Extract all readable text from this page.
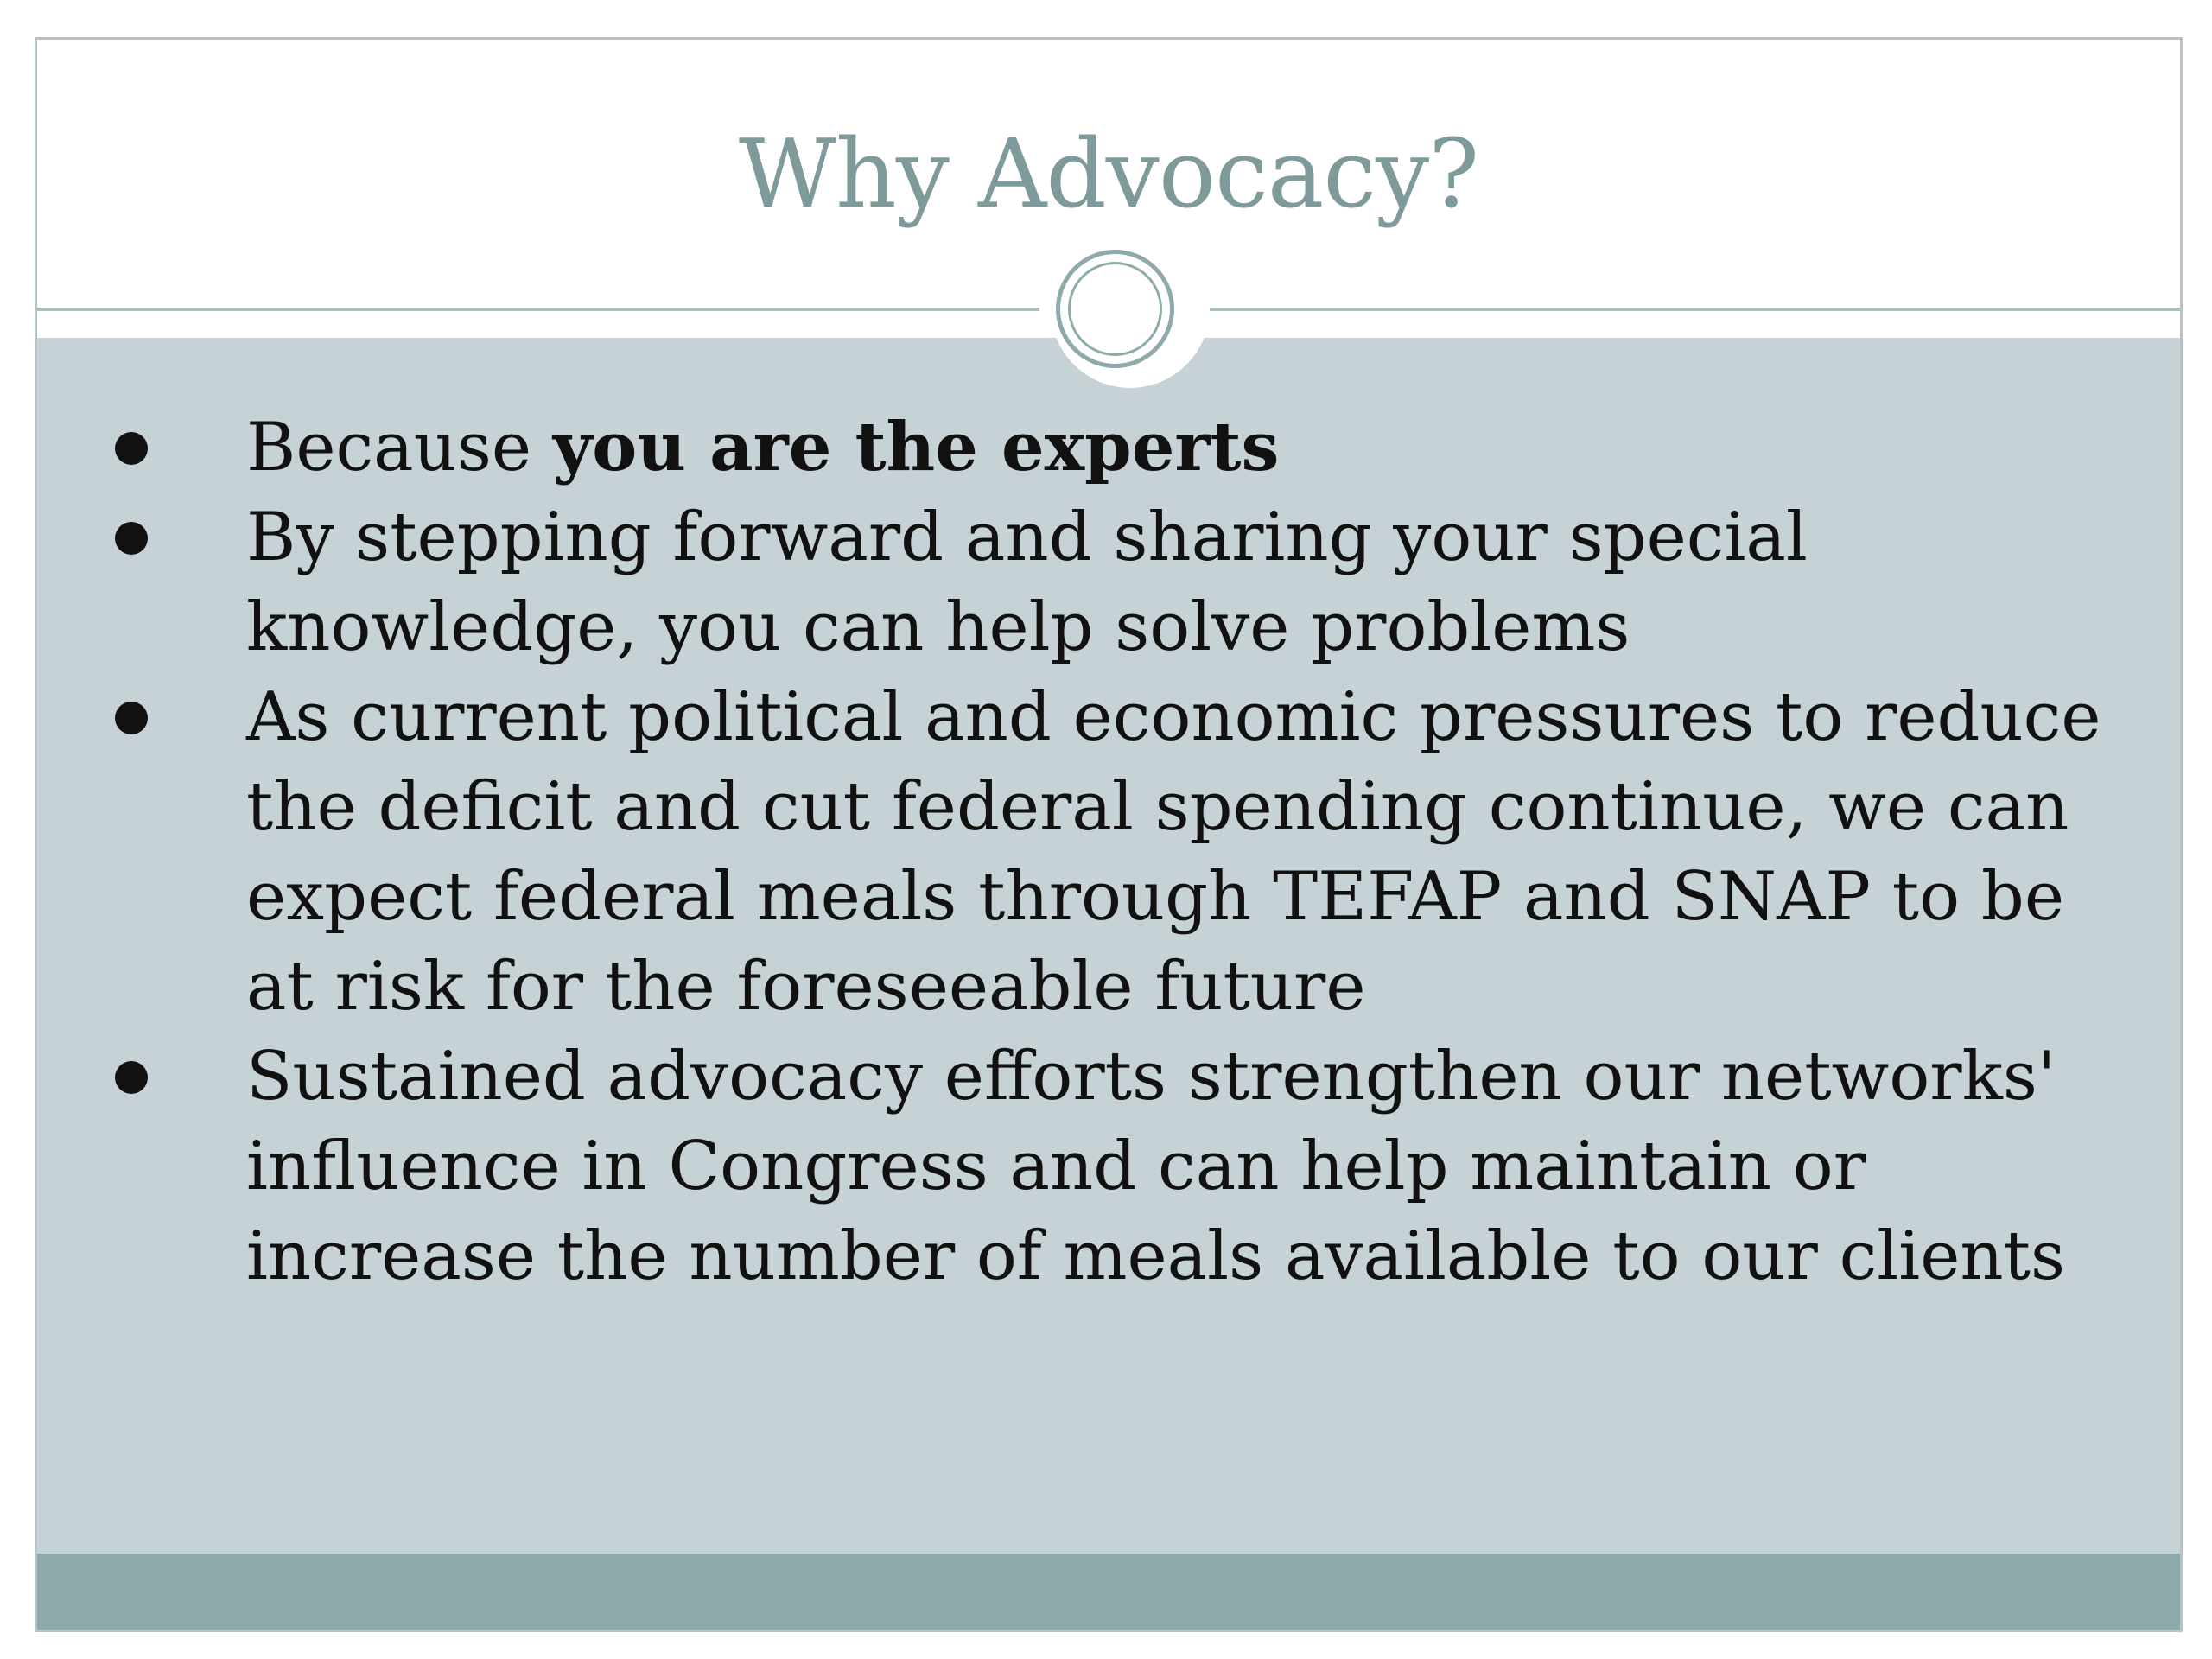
Why Advocacy?
Because you are the experts
By stepping forward and sharing your special knowledge, you can help solve problems
As current political and economic pressures to reduce the deficit and cut federal spending continue, we can expect federal meals through TEFAP and SNAP to be at risk for the foreseeable future
Sustained advocacy efforts strengthen our networks' influence in Congress and can help maintain or increase the number of meals available to our clients
